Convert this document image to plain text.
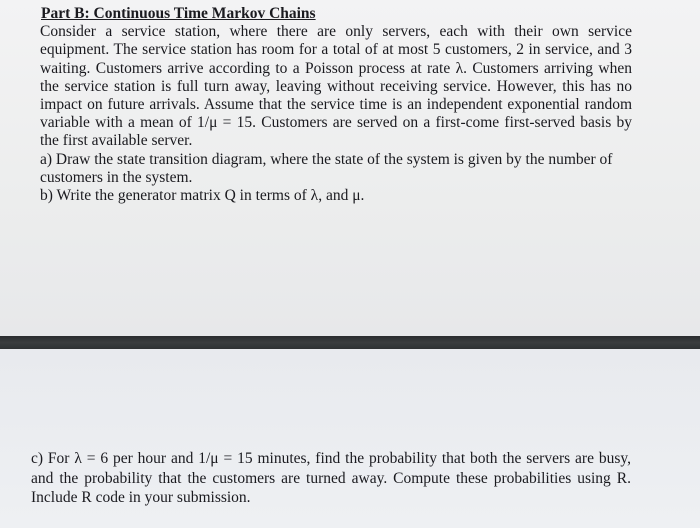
Part B: Continuous Time Markov Chains

Consider a service station, where there are only servers, each with their own service equipment. The service station has room for a total of at most 5 customers, 2 in service, and 3 waiting. Customers arrive according to a Poisson process at rate λ. Customers arriving when the service station is full turn away, leaving without receiving service. However, this has no impact on future arrivals. Assume that the service time is an independent exponential random variable with a mean of 1/μ = 15. Customers are served on a first-come first-served basis by the first available server.

a) Draw the state transition diagram, where the state of the system is given by the number of customers in the system.

b) Write the generator matrix Q in terms of λ, and μ.

c) For λ = 6 per hour and 1/μ = 15 minutes, find the probability that both the servers are busy, and the probability that the customers are turned away. Compute these probabilities using R. Include R code in your submission.
